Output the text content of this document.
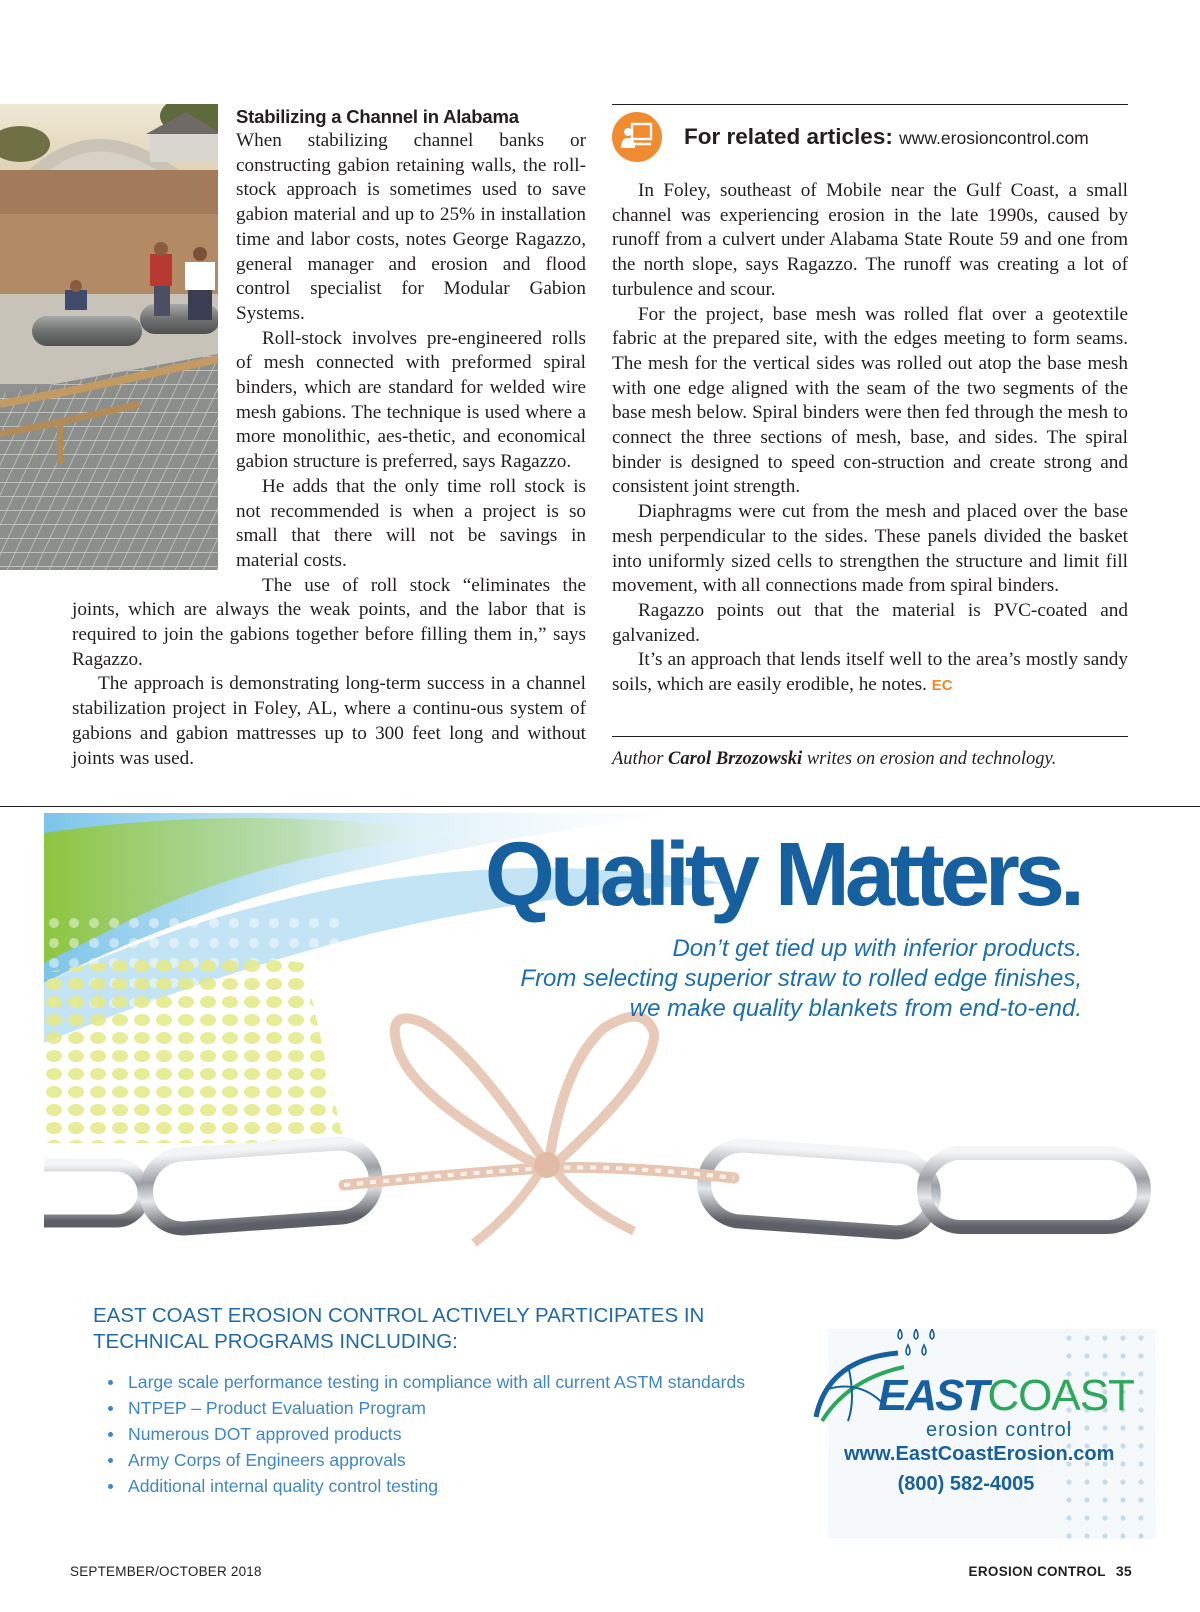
Stabilizing a Channel in Alabama

When stabilizing channel banks or constructing gabion retaining walls, the roll-stock approach is sometimes used to save gabion material and up to 25% in installation time and labor costs, notes George Ragazzo, general manager and erosion and flood control specialist for Modular Gabion Systems.

Roll-stock involves pre-engineered rolls of mesh connected with preformed spiral binders, which are standard for welded wire mesh gabions. The technique is used where a more monolithic, aes-thetic, and economical gabion structure is preferred, says Ragazzo.

He adds that the only time roll stock is not recommended is when a project is so small that there will not be savings in material costs.

The use of roll stock “eliminates the joints, which are always the weak points, and the labor that is required to join the gabions together before filling them in,” says Ragazzo.

The approach is demonstrating long-term success in a channel stabilization project in Foley, AL, where a continu-ous system of gabions and gabion mattresses up to 300 feet long and without joints was used.

For related articles: www.erosioncontrol.com

In Foley, southeast of Mobile near the Gulf Coast, a small channel was experiencing erosion in the late 1990s, caused by runoff from a culvert under Alabama State Route 59 and one from the north slope, says Ragazzo. The runoff was creating a lot of turbulence and scour.

For the project, base mesh was rolled flat over a geotextile fabric at the prepared site, with the edges meeting to form seams. The mesh for the vertical sides was rolled out atop the base mesh with one edge aligned with the seam of the two segments of the base mesh below. Spiral binders were then fed through the mesh to connect the three sections of mesh, base, and sides. The spiral binder is designed to speed con-struction and create strong and consistent joint strength.

Diaphragms were cut from the mesh and placed over the base mesh perpendicular to the sides. These panels divided the basket into uniformly sized cells to strengthen the structure and limit fill movement, with all connections made from spiral binders.

Ragazzo points out that the material is PVC-coated and galvanized.

It’s an approach that lends itself well to the area’s mostly sandy soils, which are easily erodible, he notes. EC

Author Carol Brzozowski writes on erosion and technology.
Quality Matters.
Don’t get tied up with inferior products.
From selecting superior straw to rolled edge finishes,
we make quality blankets from end-to-end.
EAST COAST EROSION CONTROL ACTIVELY PARTICIPATES IN
TECHNICAL PROGRAMS INCLUDING:
Large scale performance testing in compliance with all current ASTM standards
NTPEP – Product Evaluation Program
Numerous DOT approved products
Army Corps of Engineers approvals
Additional internal quality control testing
EASTCOAST
erosion control
www.EastCoastErosion.com
(800) 582-4005
SEPTEMBER/OCTOBER 2018	EROSION CONTROL 35
